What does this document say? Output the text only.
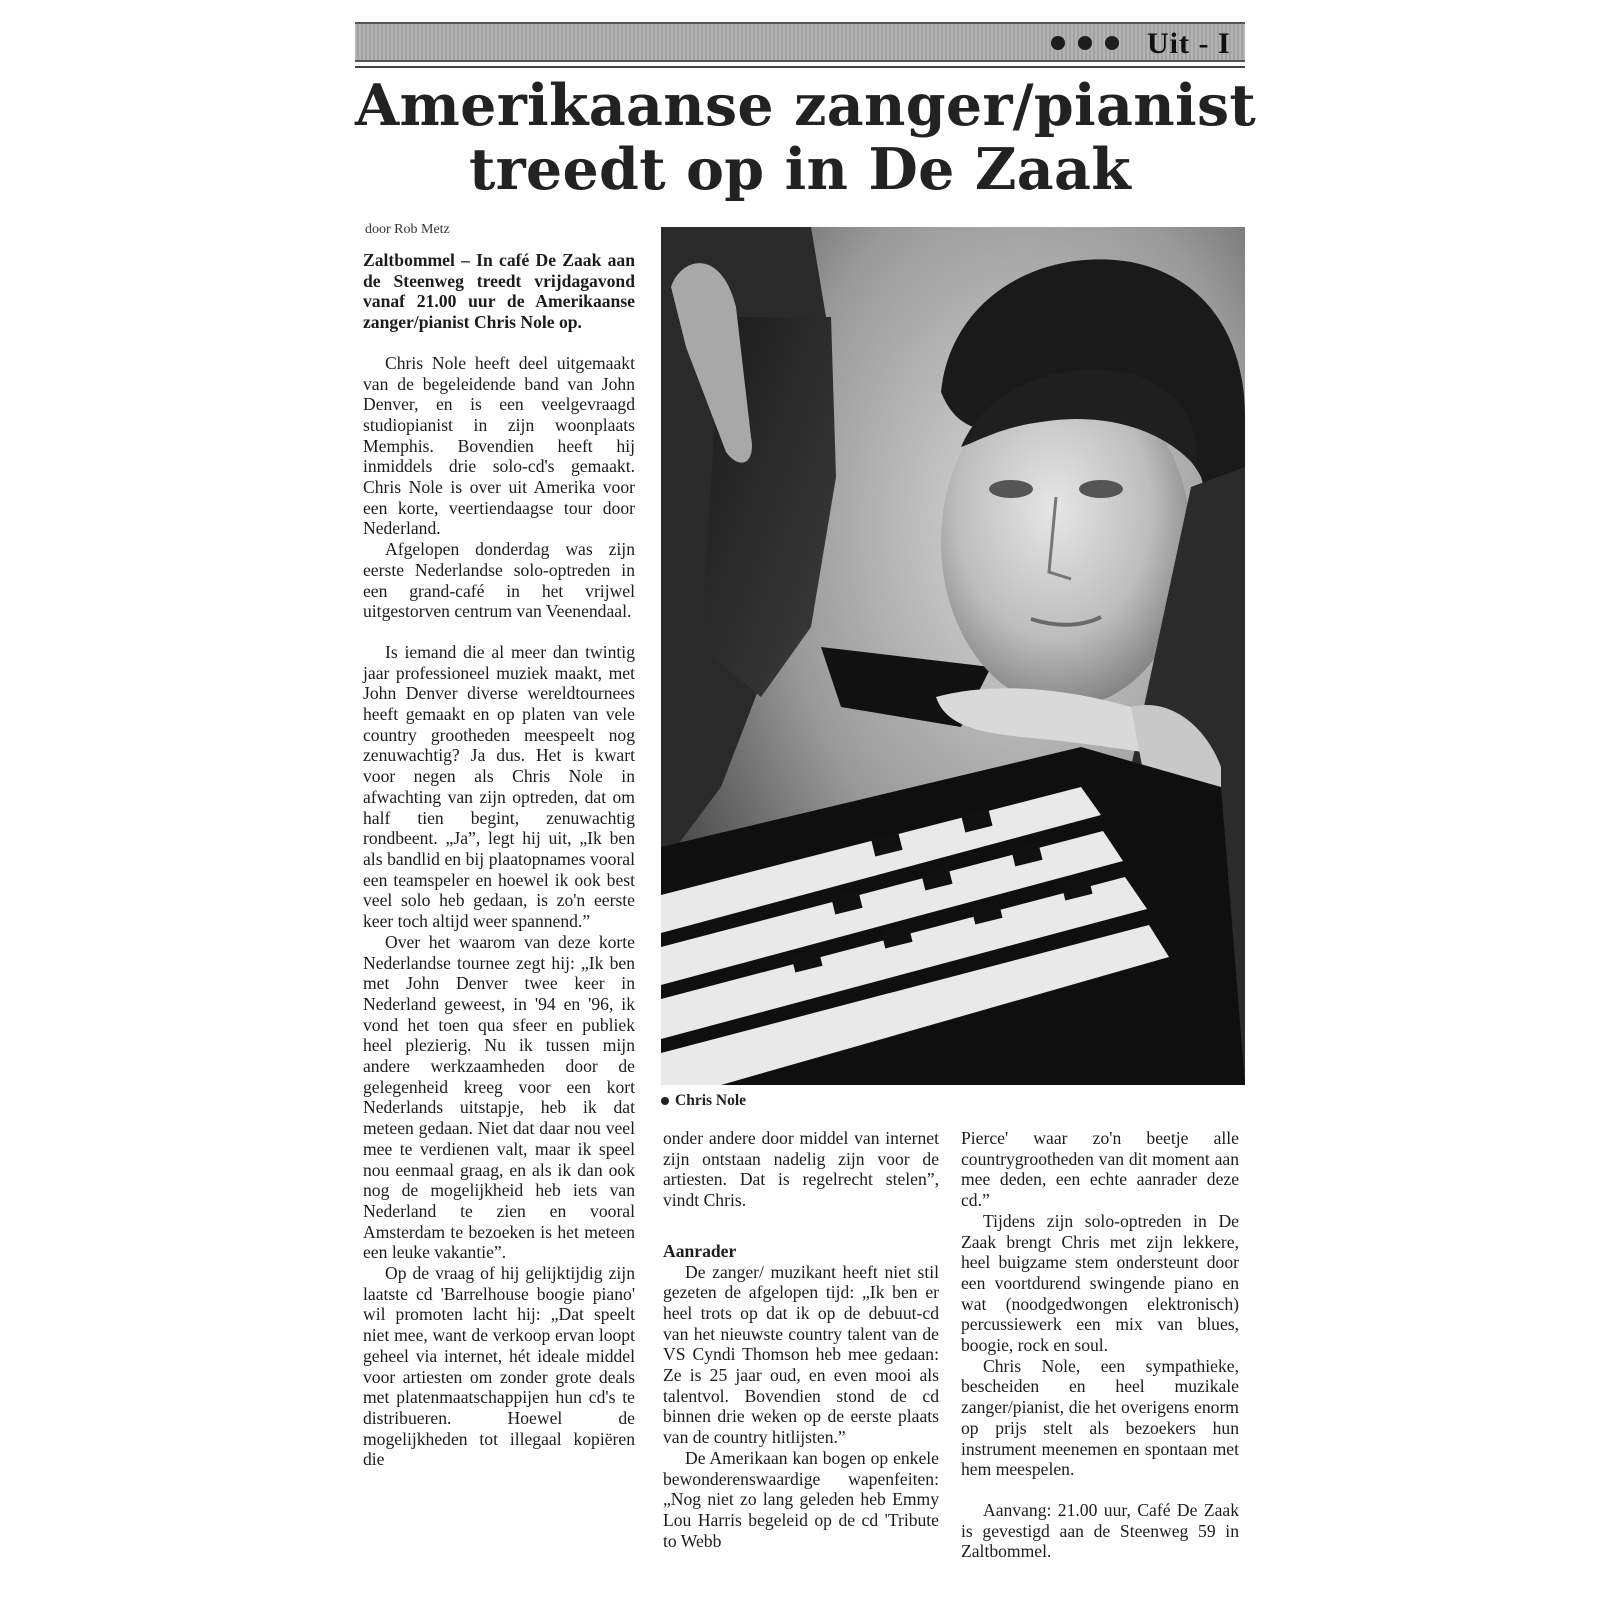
Uit - I
Amerikaanse zanger/pianist
treedt op in De Zaak
door Rob Metz

Zaltbommel – In café De Zaak aan de Steenweg treedt vrijdagavond vanaf 21.00 uur de Amerikaanse zanger/pianist Chris Nole op.

Chris Nole heeft deel uitgemaakt van de begeleidende band van John Denver, en is een veelgevraagd studiopianist in zijn woonplaats Memphis. Bovendien heeft hij inmiddels drie solo-cd's gemaakt. Chris Nole is over uit Amerika voor een korte, veertiendaagse tour door Nederland.

Afgelopen donderdag was zijn eerste Nederlandse solo-optreden in een grand-café in het vrijwel uitgestorven centrum van Veenendaal.

Is iemand die al meer dan twintig jaar professioneel muziek maakt, met John Denver diverse wereldtournees heeft gemaakt en op platen van vele country grootheden meespeelt nog zenuwachtig? Ja dus. Het is kwart voor negen als Chris Nole in afwachting van zijn optreden, dat om half tien begint, zenuwachtig rondbeent. „Ja”, legt hij uit, „Ik ben als bandlid en bij plaatopnames vooral een teamspeler en hoewel ik ook best veel solo heb gedaan, is zo'n eerste keer toch altijd weer spannend.”

Over het waarom van deze korte Nederlandse tournee zegt hij: „Ik ben met John Denver twee keer in Nederland geweest, in '94 en '96, ik vond het toen qua sfeer en publiek heel plezierig. Nu ik tussen mijn andere werkzaamheden door de gelegenheid kreeg voor een kort Nederlands uitstapje, heb ik dat meteen gedaan. Niet dat daar nou veel mee te verdienen valt, maar ik speel nou eenmaal graag, en als ik dan ook nog de mogelijkheid heb iets van Nederland te zien en vooral Amsterdam te bezoeken is het meteen een leuke vakantie”.

Op de vraag of hij gelijktijdig zijn laatste cd 'Barrelhouse boogie piano' wil promoten lacht hij: „Dat speelt niet mee, want de verkoop ervan loopt geheel via internet, hét ideale middel voor artiesten om zonder grote deals met platenmaatschappijen hun cd's te distribueren. Hoewel de mogelijkheden tot illegaal kopiëren die

Chris Nole

onder andere door middel van internet zijn ontstaan nadelig zijn voor de artiesten. Dat is regelrecht stelen”, vindt Chris.

Aanrader

De zanger/ muzikant heeft niet stil gezeten de afgelopen tijd: „Ik ben er heel trots op dat ik op de debuut-cd van het nieuwste country talent van de VS Cyndi Thomson heb mee gedaan: Ze is 25 jaar oud, en even mooi als talentvol. Bovendien stond de cd binnen drie weken op de eerste plaats van de country hitlijsten.”

De Amerikaan kan bogen op enkele bewonderenswaardige wapenfeiten: „Nog niet zo lang geleden heb Emmy Lou Harris begeleid op de cd 'Tribute to Webb

Pierce' waar zo'n beetje alle countrygrootheden van dit moment aan mee deden, een echte aanrader deze cd.”

Tijdens zijn solo-optreden in De Zaak brengt Chris met zijn lekkere, heel buigzame stem ondersteunt door een voortdurend swingende piano en wat (noodgedwongen elektronisch) percussiewerk een mix van blues, boogie, rock en soul.

Chris Nole, een sympathieke, bescheiden en heel muzikale zanger/pianist, die het overigens enorm op prijs stelt als bezoekers hun instrument meenemen en spontaan met hem meespelen.

Aanvang: 21.00 uur, Café De Zaak is gevestigd aan de Steenweg 59 in Zaltbommel.
